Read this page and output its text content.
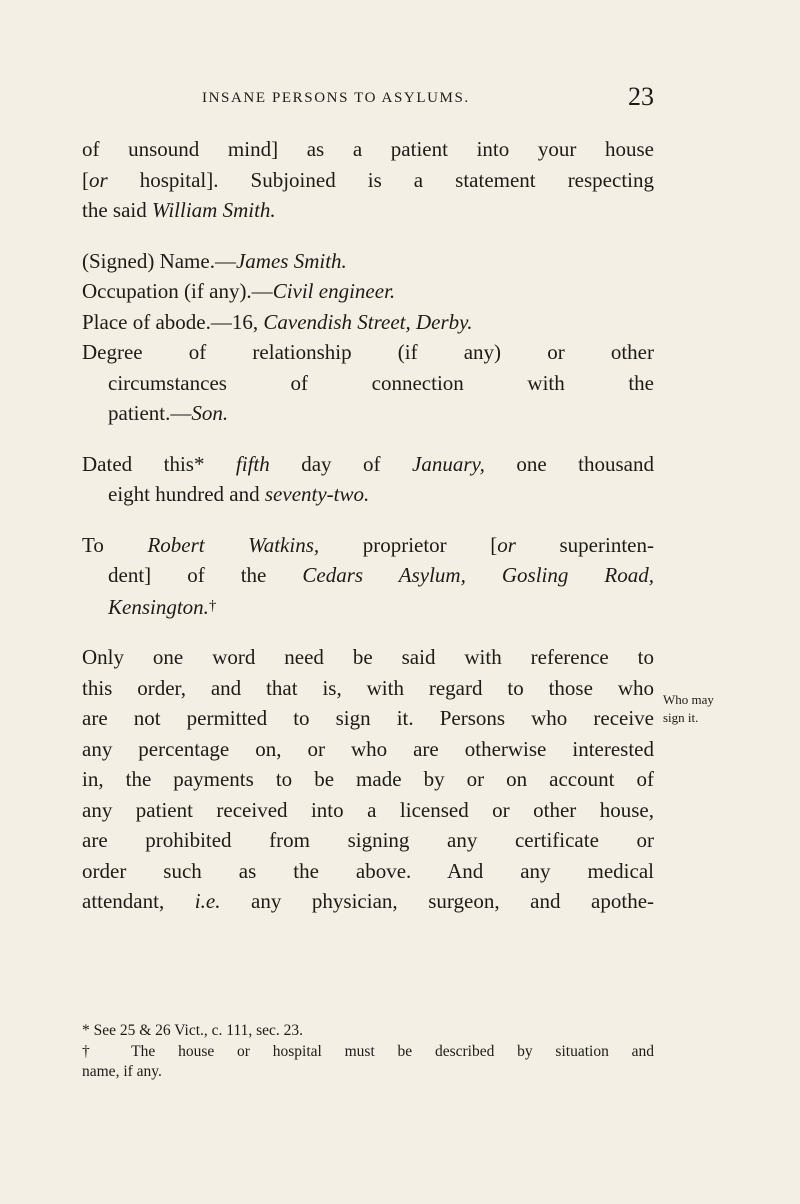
INSANE PERSONS TO ASYLUMS.	23

of unsound mind] as a patient into your house
[or hospital]. Subjoined is a statement respecting
the said William Smith.

(Signed) Name.—James Smith.
Occupation (if any).—Civil engineer.
Place of abode.—16, Cavendish Street, Derby.
Degree of relationship (if any) or other
circumstances of connection with the
patient.—Son.

Dated this* fifth day of January, one thousand
eight hundred and seventy-two.

To Robert Watkins, proprietor [or superinten-
dent] of the Cedars Asylum, Gosling Road,
Kensington.†

Only one word need be said with reference to
this order, and that is, with regard to those who
are not permitted to sign it. Persons who receive
any percentage on, or who are otherwise interested
in, the payments to be made by or on account of
any patient received into a licensed or other house,
are prohibited from signing any certificate or
order such as the above. And any medical
attendant, i.e. any physician, surgeon, and apothe-

Who may
sign it.

* See 25 & 26 Vict., c. 111, sec. 23.

† The house or hospital must be described by situation and
name, if any.
